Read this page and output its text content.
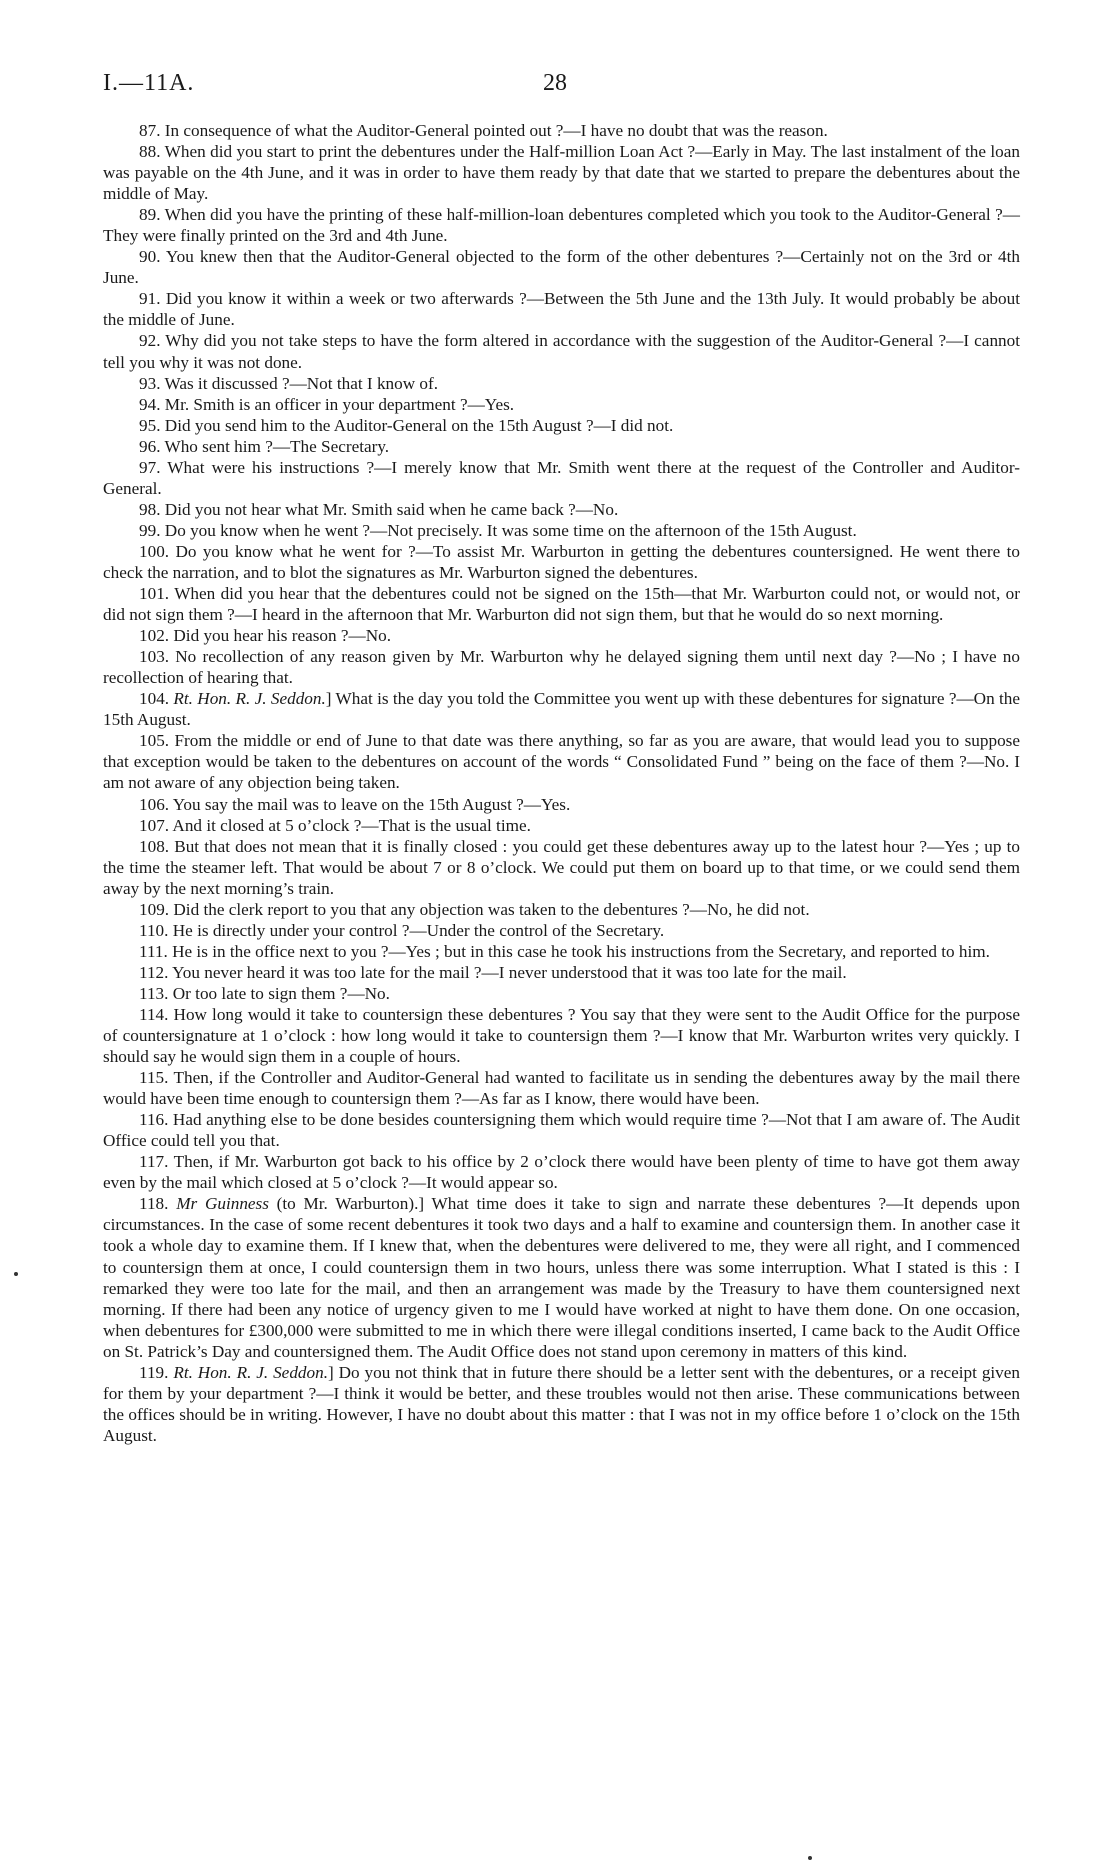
I.—11A.	28

87. In consequence of what the Auditor-General pointed out ?—I have no doubt that was the reason.

88. When did you start to print the debentures under the Half-million Loan Act ?—Early in May. The last instalment of the loan was payable on the 4th June, and it was in order to have them ready by that date that we started to prepare the debentures about the middle of May.

89. When did you have the printing of these half-million-loan debentures completed which you took to the Auditor-General ?—They were finally printed on the 3rd and 4th June.

90. You knew then that the Auditor-General objected to the form of the other debentures ?—Certainly not on the 3rd or 4th June.

91. Did you know it within a week or two afterwards ?—Between the 5th June and the 13th July. It would probably be about the middle of June.

92. Why did you not take steps to have the form altered in accordance with the suggestion of the Auditor-General ?—I cannot tell you why it was not done.

93. Was it discussed ?—Not that I know of.

94. Mr. Smith is an officer in your department ?—Yes.

95. Did you send him to the Auditor-General on the 15th August ?—I did not.

96. Who sent him ?—The Secretary.

97. What were his instructions ?—I merely know that Mr. Smith went there at the request of the Controller and Auditor-General.

98. Did you not hear what Mr. Smith said when he came back ?—No.

99. Do you know when he went ?—Not precisely. It was some time on the afternoon of the 15th August.

100. Do you know what he went for ?—To assist Mr. Warburton in getting the debentures countersigned. He went there to check the narration, and to blot the signatures as Mr. Warburton signed the debentures.

101. When did you hear that the debentures could not be signed on the 15th—that Mr. Warburton could not, or would not, or did not sign them ?—I heard in the afternoon that Mr. Warburton did not sign them, but that he would do so next morning.

102. Did you hear his reason ?—No.

103. No recollection of any reason given by Mr. Warburton why he delayed signing them until next day ?—No ; I have no recollection of hearing that.

104. Rt. Hon. R. J. Seddon.] What is the day you told the Committee you went up with these debentures for signature ?—On the 15th August.

105. From the middle or end of June to that date was there anything, so far as you are aware, that would lead you to suppose that exception would be taken to the debentures on account of the words “ Consolidated Fund ” being on the face of them ?—No. I am not aware of any objection being taken.

106. You say the mail was to leave on the 15th August ?—Yes.

107. And it closed at 5 o’clock ?—That is the usual time.

108. But that does not mean that it is finally closed : you could get these debentures away up to the latest hour ?—Yes ; up to the time the steamer left. That would be about 7 or 8 o’clock. We could put them on board up to that time, or we could send them away by the next morning’s train.

109. Did the clerk report to you that any objection was taken to the debentures ?—No, he did not.

110. He is directly under your control ?—Under the control of the Secretary.

111. He is in the office next to you ?—Yes ; but in this case he took his instructions from the Secretary, and reported to him.

112. You never heard it was too late for the mail ?—I never understood that it was too late for the mail.

113. Or too late to sign them ?—No.

114. How long would it take to countersign these debentures ? You say that they were sent to the Audit Office for the purpose of countersignature at 1 o’clock : how long would it take to countersign them ?—I know that Mr. Warburton writes very quickly. I should say he would sign them in a couple of hours.

115. Then, if the Controller and Auditor-General had wanted to facilitate us in sending the debentures away by the mail there would have been time enough to countersign them ?—As far as I know, there would have been.

116. Had anything else to be done besides countersigning them which would require time ?—Not that I am aware of. The Audit Office could tell you that.

117. Then, if Mr. Warburton got back to his office by 2 o’clock there would have been plenty of time to have got them away even by the mail which closed at 5 o’clock ?—It would appear so.

118. Mr Guinness (to Mr. Warburton).] What time does it take to sign and narrate these debentures ?—It depends upon circumstances. In the case of some recent debentures it took two days and a half to examine and countersign them. In another case it took a whole day to examine them. If I knew that, when the debentures were delivered to me, they were all right, and I commenced to countersign them at once, I could countersign them in two hours, unless there was some interruption. What I stated is this : I remarked they were too late for the mail, and then an arrangement was made by the Treasury to have them countersigned next morning. If there had been any notice of urgency given to me I would have worked at night to have them done. On one occasion, when debentures for £300,000 were submitted to me in which there were illegal conditions inserted, I came back to the Audit Office on St. Patrick’s Day and countersigned them. The Audit Office does not stand upon ceremony in matters of this kind.

119. Rt. Hon. R. J. Seddon.] Do you not think that in future there should be a letter sent with the debentures, or a receipt given for them by your department ?—I think it would be better, and these troubles would not then arise. These communications between the offices should be in writing. However, I have no doubt about this matter : that I was not in my office before 1 o’clock on the 15th August.
